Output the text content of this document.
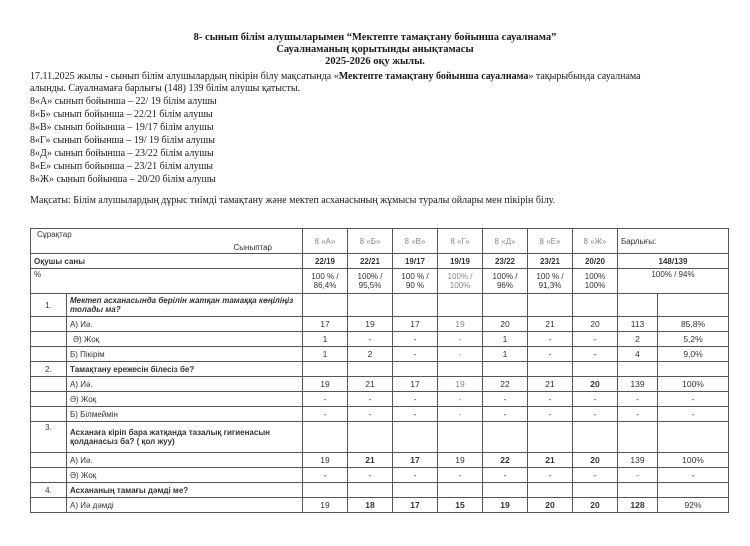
8- сынып білім алушыларымен “Мектепте тамақтану бойынша сауалнама”
Сауалнаманың қорытынды анықтамасы
2025-2026 оқу жылы.
17.11.2025 жылы - сынып білім алушылардың пікірін білу мақсатында «Мектепте тамақтану бойынша сауалнама» тақырыбында сауалнама
алынды. Сауалнамаға барлығы (148) 139 білім алушы қатысты.
8«А» сынып бойынша – 22/ 19 білім алушы
8«Б» сынып бойынша – 22/21 білім алушы
8«В» сынып бойынша – 19/17 білім алушы
8«Г» сынып бойынша – 19/ 19 білім алушы
8«Д» сынып бойынша – 23/22 білім алушы
8«Е» сынып бойынша – 23/21 білім алушы
8«Ж» сынып бойынша – 20/20 білім алушы
Мақсаты: Білім алушылардың дұрыс тиімді тамақтану және мектеп асханасының жұмысы туралы ойлары мен пікірін білу.
Сұрақтар
Сыныптар		8 «А»	8 «Б»	8 «В»	8 «Г»	8 «Д»	8 «Е»	8 «Ж»	Барлығы:	
Оқушы саны		22/19	22/21	19/17	19/19	23/22	23/21	20/20	148/139	
%		100 % / 86,4%	100% / 95,5%	100 % / 90 %	100% / 100%	100% / 96%	100 % / 91,3%	100% 100%	100% / 94%	
1.	Мектеп асханасында берілін жатқан тамаққа көңіліңіз толады ма?									
	А) Иә.	17	19	17	19	20	21	20	113	85,8%
	Ә) Жоқ	1	-	-	-	1	-	-	2	5,2%
	Б) Пікірім	1	2	-	-	1	-	-	4	9,0%
2.	Тамақтану ережесін білесіз бе?									
	А) Иә.	19	21	17	19	22	21	20	139	100%
	Ә) Жоқ	-	-	-	-	-	-	-	-	-
	Б) Білмеймін	-	-	-	-	-	-	-	-	-
3.	Асханаға кіріп бара жатқанда тазалық гигиенасын қолданасыз ба? ( қол жуу)									
	А) Иә.	19	21	17	19	22	21	20	139	100%
	Ә) Жоқ	-	-	-	-	-	-	-	-	-
4.	Асхананың тамағы дәмді ме?									
	А) Иә дәмді	19	18	17	15	19	20	20	128	92%
